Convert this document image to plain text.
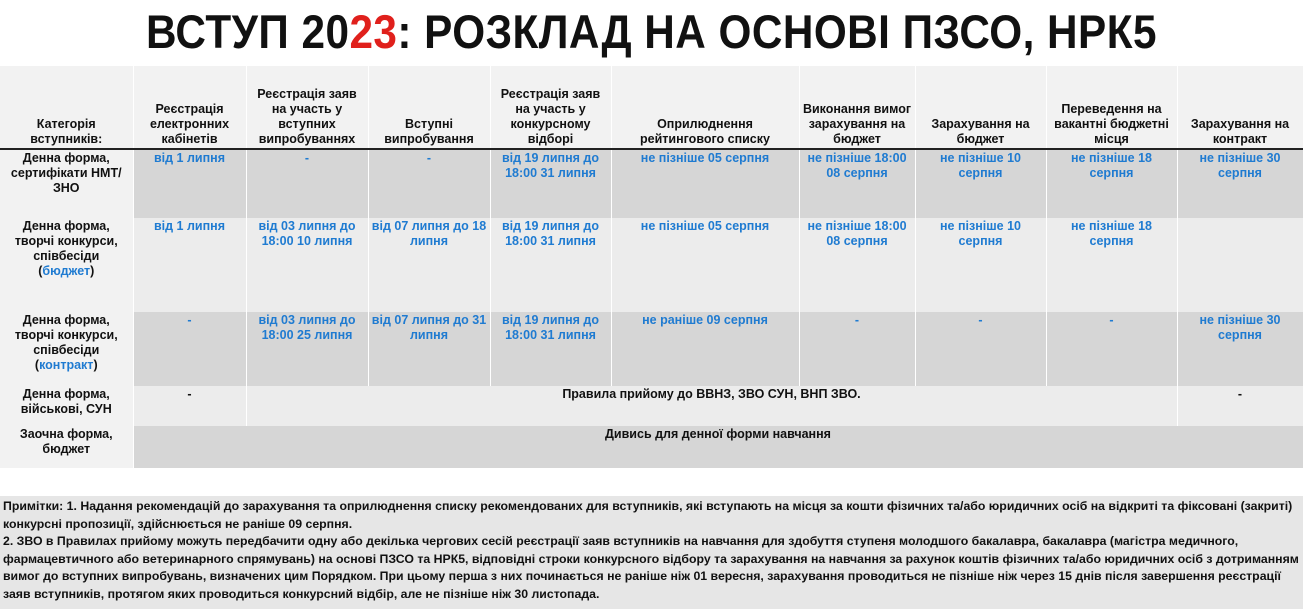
ВСТУП 2023: РОЗКЛАД НА ОСНОВІ ПЗСО, НРК5
Категорія вступників:	Реєстрація електронних кабінетів	Реєстрація заяв на участь у вступних випробуваннях	Вступні випробування	Реєстрація заяв на участь у конкурсному відборі	Оприлюднення рейтингового списку	Виконання вимог зарахування на бюджет	Зарахування на бюджет	Переведення на вакантні бюджетні місця	Зарахування на контракт
Денна форма, сертифікати НМТ/ЗНО	від 1 липня	-	-	від 19 липня до 18:00 31 липня	не пізніше 05 серпня	не пізніше 18:00 08 серпня	не пізніше 10 серпня	не пізніше 18 серпня	не пізніше 30 серпня
Денна форма, творчі конкурси, співбесіди
(бюджет)	від 1 липня	від 03 липня до 18:00 10 липня	від 07 липня до 18 липня	від 19 липня до 18:00 31 липня	не пізніше 05 серпня	не пізніше 18:00 08 серпня	не пізніше 10 серпня	не пізніше 18 серпня	
Денна форма, творчі конкурси, співбесіди
(контракт)	-	від 03 липня до 18:00 25 липня	від 07 липня до 31 липня	від 19 липня до 18:00 31 липня	не раніше 09 серпня	-	-	-	не пізніше 30 серпня
Денна форма, військові, СУН	-	Правила прийому до ВВНЗ, ЗВО СУН, ВНП ЗВО.							-
Заочна форма, бюджет	Дивись для денної форми навчання								

Примітки: 1. Надання рекомендацій до зарахування та оприлюднення списку рекомендованих для вступників, які вступають на місця за кошти фізичних та/або юридичних осіб на відкриті та фіксовані (закриті) конкурсні пропозиції, здійснюється не раніше 09 серпня.

2. ЗВО в Правилах прийому можуть передбачити одну або декілька чергових сесій реєстрації заяв вступників на навчання для здобуття ступеня молодшого бакалавра, бакалавра (магістра медичного, фармацевтичного або ветеринарного спрямувань) на основі ПЗСО та НРК5, відповідні строки конкурсного відбору та зарахування на навчання за рахунок коштів фізичних та/або юридичних осіб з дотриманням вимог до вступних випробувань, визначених цим Порядком. При цьому перша з них починається не раніше ніж 01 вересня, зарахування проводиться не пізніше ніж через 15 днів після завершення реєстрації заяв вступників, протягом яких проводиться конкурсний відбір, але не пізніше ніж 30 листопада.
